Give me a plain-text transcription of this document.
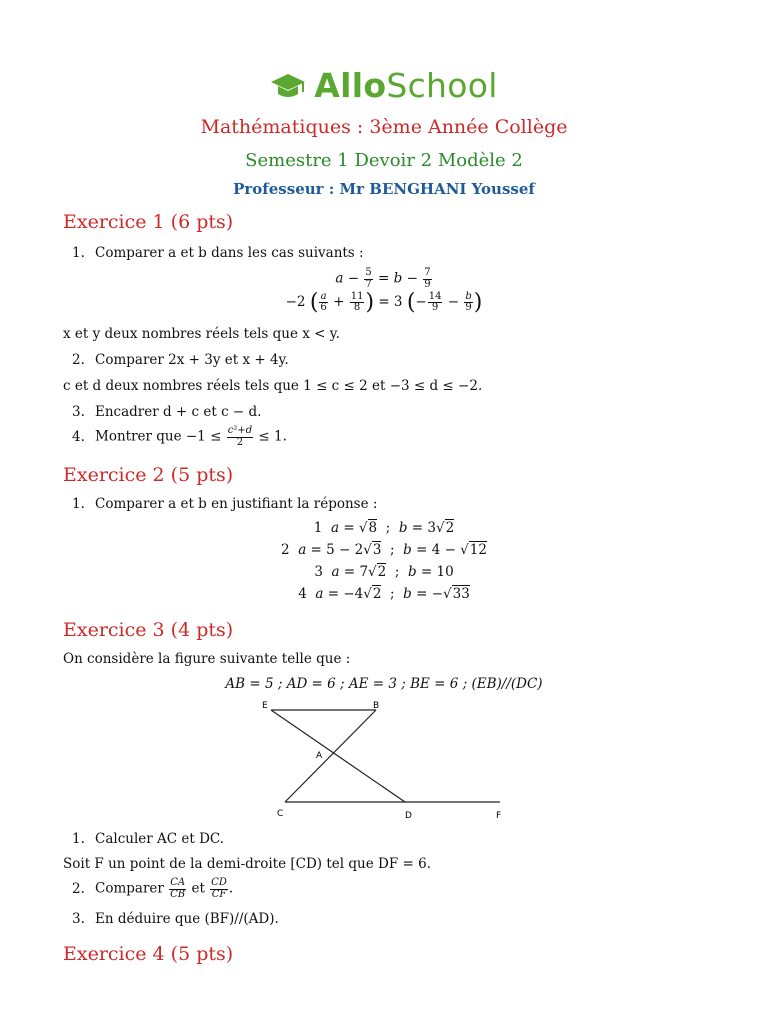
AlloSchool
Mathématiques : 3ème Année Collège
Semestre 1 Devoir 2 Modèle 2
Professeur : Mr BENGHANI Youssef
Exercice 1 (6 pts)
1. Comparer a et b dans les cas suivants :
$a - \frac{5}{7} = b - \frac{7}{9}$
−2 ( $\frac{a}{6} + \frac{11}{8}$ ) = 3 (− $\frac{14}{9} - \frac{b}{9}$ )
x et y deux nombres réels tels que x < y.
2. Comparer 2x + 3y et x + 4y.
c et d deux nombres réels tels que 1 ≤ c ≤ 2 et −3 ≤ d ≤ −2.
3. Encadrer d + c et c − d.
4. Montrer que $-1 \le \frac{\text{c²+d}}{2} \le 1$.
Exercice 2 (5 pts)
1. Comparer a et b en justifiant la réponse :
1  a = √8  ;  b = 3√2
2  a = 5 − 2√3  ;  b = 4 − √12
3  a = 7√2  ;  b = 10
4  a = −4√2  ;  b = −√33
Exercice 3 (4 pts)
On considère la figure suivante telle que :
AB = 5 ; AD = 6 ; AE = 3 ; BE = 6 ; (EB)//(DC)
E	B
A
C	D	F
1. Calculer AC et DC.
Soit F un point de la demi-droite [CD) tel que DF = 6.
2. Comparer $\frac{CA}{CB}$ et $\frac{CD}{CF}$ .
3. En déduire que (BF)//(AD).
Exercice 4 (5 pts)
